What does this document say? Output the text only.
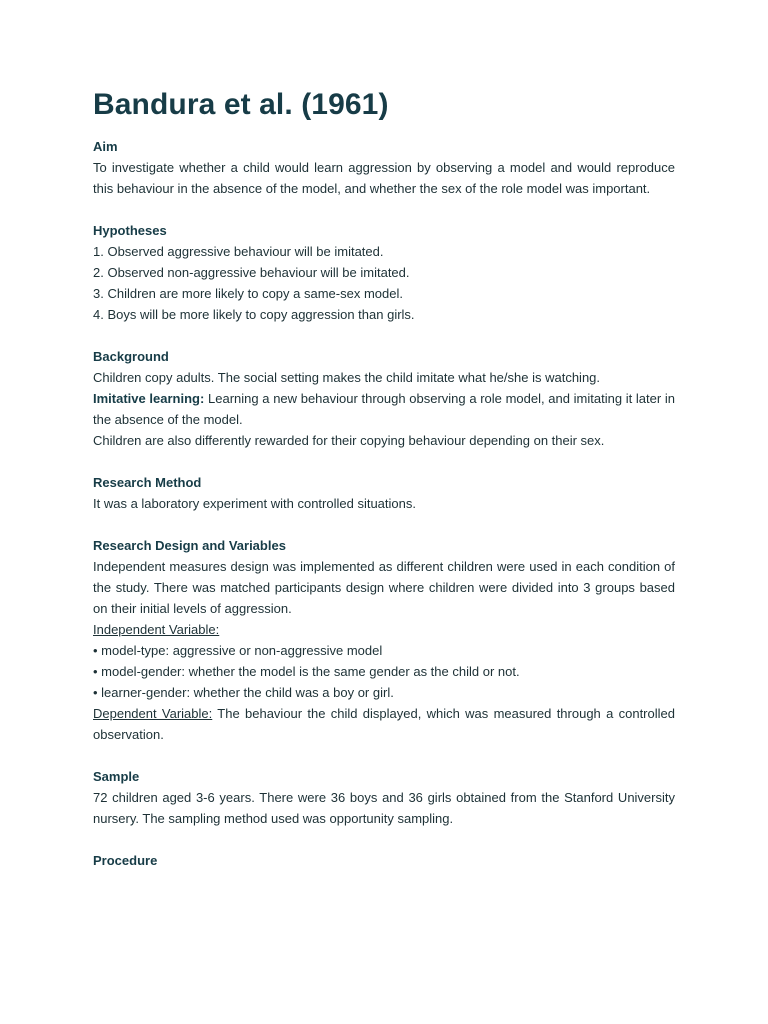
Bandura et al. (1961)

Aim

To investigate whether a child would learn aggression by observing a model and would reproduce this behaviour in the absence of the model, and whether the sex of the role model was important.

Hypotheses

1. Observed aggressive behaviour will be imitated.

2. Observed non-aggressive behaviour will be imitated.

3. Children are more likely to copy a same-sex model.

4. Boys will be more likely to copy aggression than girls.

Background

Children copy adults. The social setting makes the child imitate what he/she is watching.

Imitative learning: Learning a new behaviour through observing a role model, and imitating it later in the absence of the model.

Children are also differently rewarded for their copying behaviour depending on their sex.

Research Method

It was a laboratory experiment with controlled situations.

Research Design and Variables

Independent measures design was implemented as different children were used in each condition of the study. There was matched participants design where children were divided into 3 groups based on their initial levels of aggression.

Independent Variable:

• model-type: aggressive or non-aggressive model

• model-gender: whether the model is the same gender as the child or not.

• learner-gender: whether the child was a boy or girl.

Dependent Variable: The behaviour the child displayed, which was measured through a controlled observation.

Sample

72 children aged 3-6 years. There were 36 boys and 36 girls obtained from the Stanford University nursery. The sampling method used was opportunity sampling.

Procedure
